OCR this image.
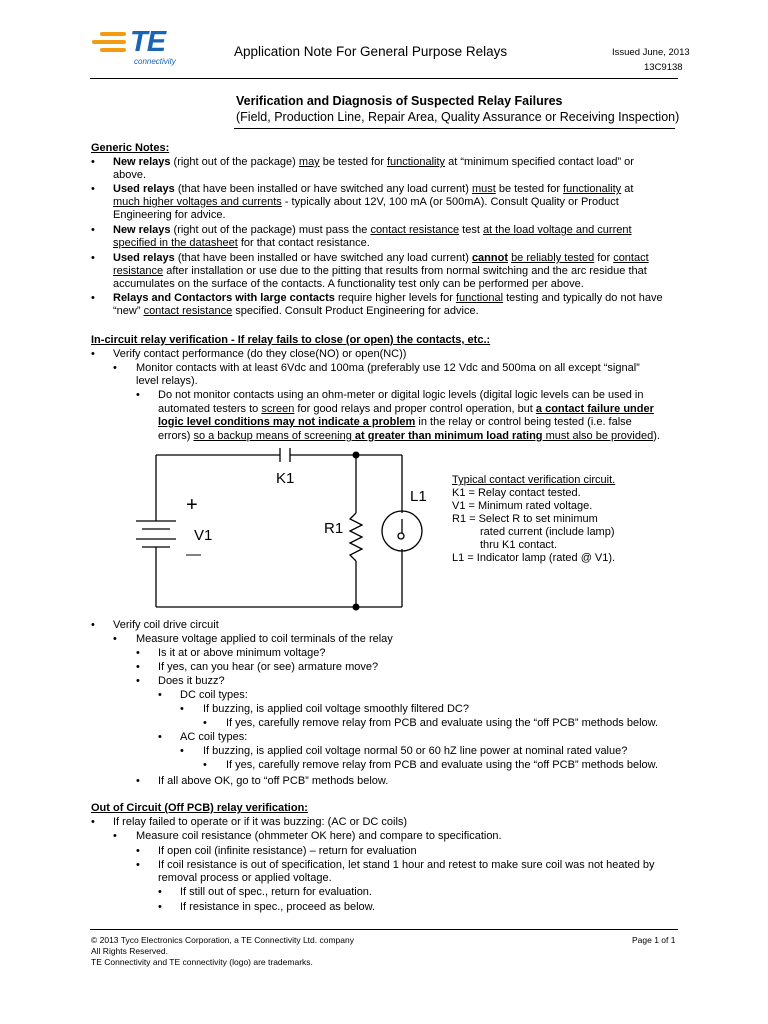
TE
connectivity
Application Note For General Purpose Relays	Issued June, 2013
13C9138
Verification and Diagnosis of Suspected Relay Failures
(Field, Production Line, Repair Area, Quality Assurance or Receiving Inspection)
Generic Notes:
• New relays (right out of the package) may be tested for functionality at “minimum specified contact load” or
above.
• Used relays (that have been installed or have switched any load current) must be tested for functionality at
much higher voltages and currents - typically about 12V, 100 mA (or 500mA). Consult Quality or Product
Engineering for advice.
• New relays (right out of the package) must pass the contact resistance test at the load voltage and current
specified in the datasheet for that contact resistance.
• Used relays (that have been installed or have switched any load current) cannot be reliably tested for contact
resistance after installation or use due to the pitting that results from normal switching and the arc residue that
accumulates on the surface of the contacts. A functionality test only can be performed per above.
• Relays and Contactors with large contacts require higher levels for functional testing and typically do not have
“new” contact resistance specified. Consult Product Engineering for advice.
In-circuit relay verification - If relay fails to close (or open) the contacts, etc.:
• Verify contact performance (do they close(NO) or open(NC))
• Monitor contacts with at least 6Vdc and 100ma (preferably use 12 Vdc and 500ma on all except “signal”
level relays).
• Do not monitor contacts using an ohm-meter or digital logic levels (digital logic levels can be used in
automated testers to screen for good relays and proper control operation, but a contact failure under
logic level conditions may not indicate a problem in the relay or control being tested (i.e. false
errors) so a backup means of screening at greater than minimum load rating must also be provided).
K1
L1
R1
V1
+
—
Typical contact verification circuit.
K1 = Relay contact tested.
V1 = Minimum rated voltage.
R1 = Select R to set minimum
rated current (include lamp)
thru K1 contact.
L1 = Indicator lamp (rated @ V1).
• Verify coil drive circuit
• Measure voltage applied to coil terminals of the relay
• Is it at or above minimum voltage?
• If yes, can you hear (or see) armature move?
• Does it buzz?
• DC coil types:
• If buzzing, is applied coil voltage smoothly filtered DC?
• If yes, carefully remove relay from PCB and evaluate using the “off PCB” methods below.
• AC coil types:
• If buzzing, is applied coil voltage normal 50 or 60 hZ line power at nominal rated value?
• If yes, carefully remove relay from PCB and evaluate using the “off PCB” methods below.
• If all above OK, go to “off PCB” methods below.
Out of Circuit (Off PCB) relay verification:
• If relay failed to operate or if it was buzzing: (AC or DC coils)
• Measure coil resistance (ohmmeter OK here) and compare to specification.
• If open coil (infinite resistance) – return for evaluation
• If coil resistance is out of specification, let stand 1 hour and retest to make sure coil was not heated by
removal process or applied voltage.
• If still out of spec., return for evaluation.
• If resistance in spec., proceed as below.
© 2013 Tyco Electronics Corporation, a TE Connectivity Ltd. company
All Rights Reserved.
TE Connectivity and TE connectivity (logo) are trademarks.
Page 1 of 1
